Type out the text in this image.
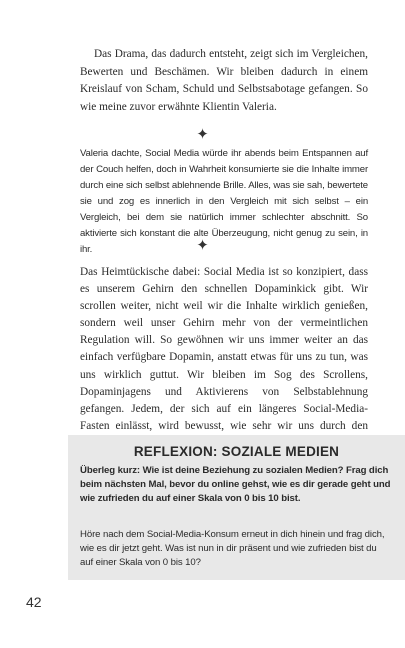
Das Drama, das dadurch entsteht, zeigt sich im Vergleichen, Bewerten und Beschämen. Wir bleiben dadurch in einem Kreislauf von Scham, Schuld und Selbstsabotage gefangen. So wie meine zuvor erwähnte Klientin Valeria.

✦

Valeria dachte, Social Media würde ihr abends beim Entspannen auf der Couch helfen, doch in Wahrheit konsumierte sie die Inhalte immer durch eine sich selbst ablehnende Brille. Alles, was sie sah, bewertete sie und zog es innerlich in den Vergleich mit sich selbst – ein Vergleich, bei dem sie natürlich immer schlechter abschnitt. So aktivierte sich konstant die alte Überzeugung, nicht genug zu sein, in ihr.	✦

Das Heimtückische dabei: Social Media ist so konzipiert, dass es unserem Gehirn den schnellen Dopaminkick gibt. Wir scrollen weiter, nicht weil wir die Inhalte wirklich genießen, sondern weil unser Gehirn mehr von der vermeintlichen Regulation will. So gewöhnen wir uns immer weiter an das einfach verfügbare Dopamin, anstatt etwas für uns zu tun, was uns wirklich guttut. Wir bleiben im Sog des Scrollens, Dopaminjagens und Aktivierens von Selbstablehnung gefangen. Jedem, der sich auf ein längeres Social-Media-Fasten einlässt, wird bewusst, wie sehr wir uns durch den

REFLEXION: SOZIALE MEDIEN

Überleg kurz: Wie ist deine Beziehung zu sozialen Medien? Frag dich beim nächsten Mal, bevor du online gehst, wie es dir gerade geht und wie zufrieden du auf einer Skala von 0 bis 10 bist.

Höre nach dem Social-Media-Konsum erneut in dich hinein und frag dich, wie es dir jetzt geht. Was ist nun in dir präsent und wie zufrieden bist du auf einer Skala von 0 bis 10?

42
